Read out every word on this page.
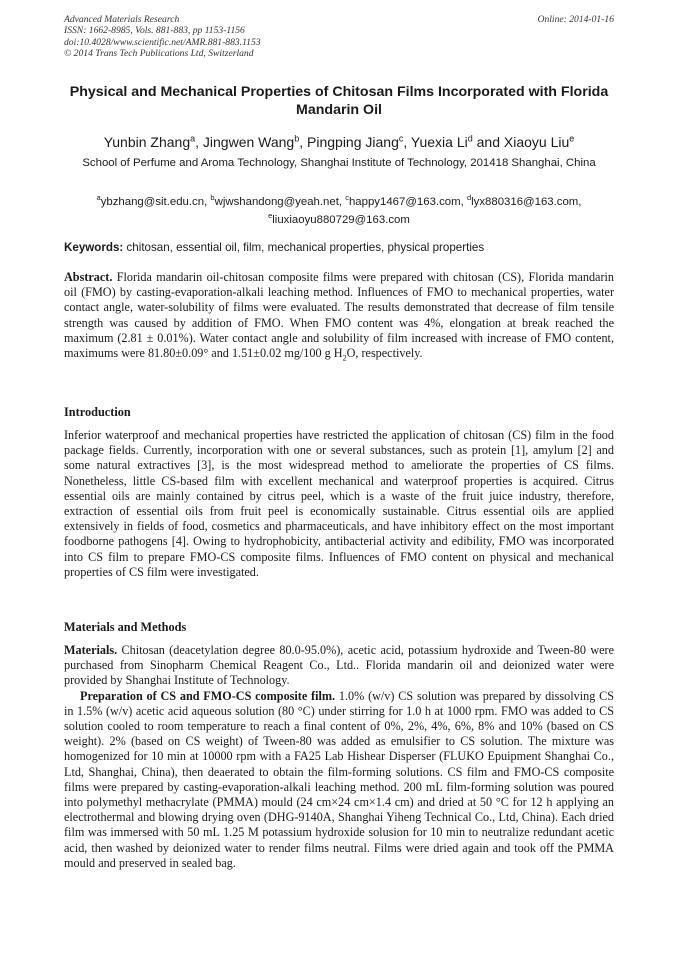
Advanced Materials Research
ISSN: 1662-8985, Vols. 881-883, pp 1153-1156
doi:10.4028/www.scientific.net/AMR.881-883.1153
© 2014 Trans Tech Publications Ltd, Switzerland
Online: 2014-01-16
Physical and Mechanical Properties of Chitosan Films Incorporated with Florida Mandarin Oil
Yunbin Zhang$^a$, Jingwen Wang$^b$, Pingping Jiang$^c$, Yuexia Li$^d$ and Xiaoyu Liu$^e$
School of Perfume and Aroma Technology, Shanghai Institute of Technology, 201418 Shanghai, China
$^a$ybzhang@sit.edu.cn, $^b$wjwshandong@yeah.net, $^c$happy1467@163.com, $^d$lyx880316@163.com,
$^e$liuxiaoyu880729@163.com
Keywords: chitosan, essential oil, film, mechanical properties, physical properties

Abstract. Florida mandarin oil-chitosan composite films were prepared with chitosan (CS), Florida mandarin oil (FMO) by casting-evaporation-alkali leaching method. Influences of FMO to mechanical properties, water contact angle, water-solubility of films were evaluated. The results demonstrated that decrease of film tensile strength was caused by addition of FMO. When FMO content was 4%, elongation at break reached the maximum (2.81 ± 0.01%). Water contact angle and solubility of film increased with increase of FMO content, maximums were 81.80±0.09° and 1.51±0.02 mg/100 g $H_2O$, respectively.

Introduction

Inferior waterproof and mechanical properties have restricted the application of chitosan (CS) film in the food package fields. Currently, incorporation with one or several substances, such as protein [1], amylum [2] and some natural extractives [3], is the most widespread method to ameliorate the properties of CS films. Nonetheless, little CS-based film with excellent mechanical and waterproof properties is acquired. Citrus essential oils are mainly contained by citrus peel, which is a waste of the fruit juice industry, therefore, extraction of essential oils from fruit peel is economically sustainable. Citrus essential oils are applied extensively in fields of food, cosmetics and pharmaceuticals, and have inhibitory effect on the most important foodborne pathogens [4]. Owing to hydrophobicity, antibacterial activity and edibility, FMO was incorporated into CS film to prepare FMO-CS composite films. Influences of FMO content on physical and mechanical properties of CS film were investigated.

Materials and Methods

Materials. Chitosan (deacetylation degree 80.0-95.0%), acetic acid, potassium hydroxide and Tween-80 were purchased from Sinopharm Chemical Reagent Co., Ltd.. Florida mandarin oil and deionized water were provided by Shanghai Institute of Technology.

Preparation of CS and FMO-CS composite film. 1.0% (w/v) CS solution was prepared by dissolving CS in 1.5% (w/v) acetic acid aqueous solution (80 °C) under stirring for 1.0 h at 1000 rpm. FMO was added to CS solution cooled to room temperature to reach a final content of 0%, 2%, 4%, 6%, 8% and 10% (based on CS weight). 2% (based on CS weight) of Tween-80 was added as emulsifier to CS solution. The mixture was homogenized for 10 min at 10000 rpm with a FA25 Lab Hishear Disperser (FLUKO Epuipment Shanghai Co., Ltd, Shanghai, China), then deaerated to obtain the film-forming solutions. CS film and FMO-CS composite films were prepared by casting-evaporation-alkali leaching method. 200 mL film-forming solution was poured into polymethyl methacrylate (PMMA) mould (24 cm×24 cm×1.4 cm) and dried at 50 °C for 12 h applying an electrothermal and blowing drying oven (DHG-9140A, Shanghai Yiheng Technical Co., Ltd, China). Each dried film was immersed with 50 mL 1.25 M potassium hydroxide solusion for 10 min to neutralize redundant acetic acid, then washed by deionized water to render films neutral. Films were dried again and took off the PMMA mould and preserved in sealed bag.
